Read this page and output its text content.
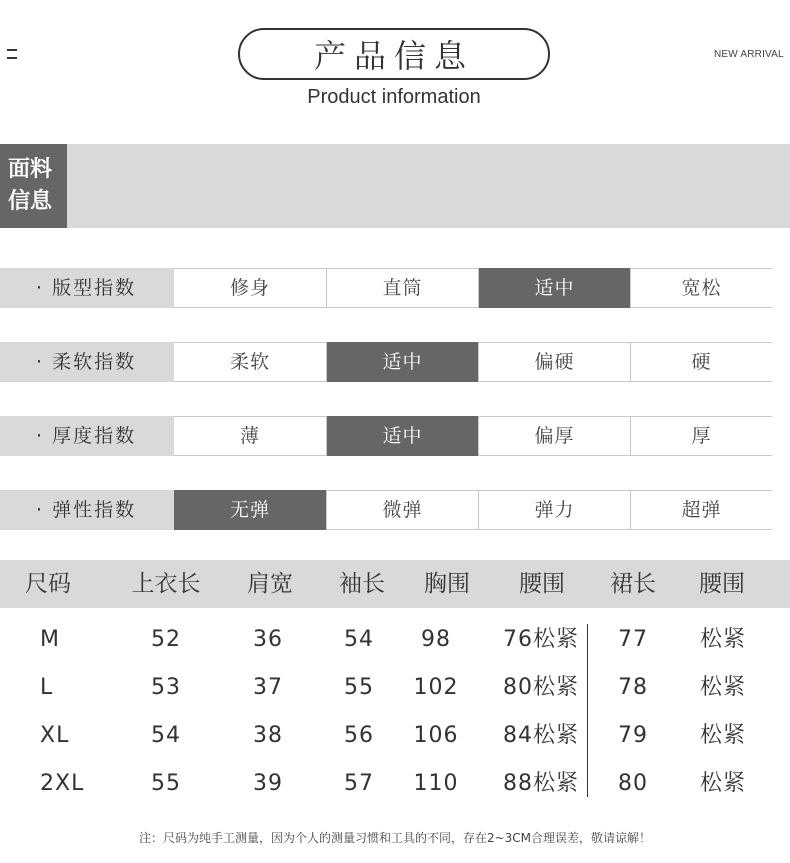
产品信息
Product information
NEW ARRIVAL
面料
信息
· 版型指数	修身	直筒	适中	宽松
· 柔软指数	柔软	适中	偏硬	硬
· 厚度指数	薄	适中	偏厚	厚
· 弹性指数	无弹	微弹	弹力	超弹
尺码	上衣长	肩宽	袖长	胸围	腰围	裙长	腰围
M	52	36	54	98	76松紧	77	松紧
L	53	37	55	102	80松紧	78	松紧
XL	54	38	56	106	84松紧	79	松紧
2XL	55	39	57	110	88松紧	80	松紧
注：尺码为纯手工测量，因为个人的测量习惯和工具的不同，存在2~3CM合理误差，敬请谅解！
